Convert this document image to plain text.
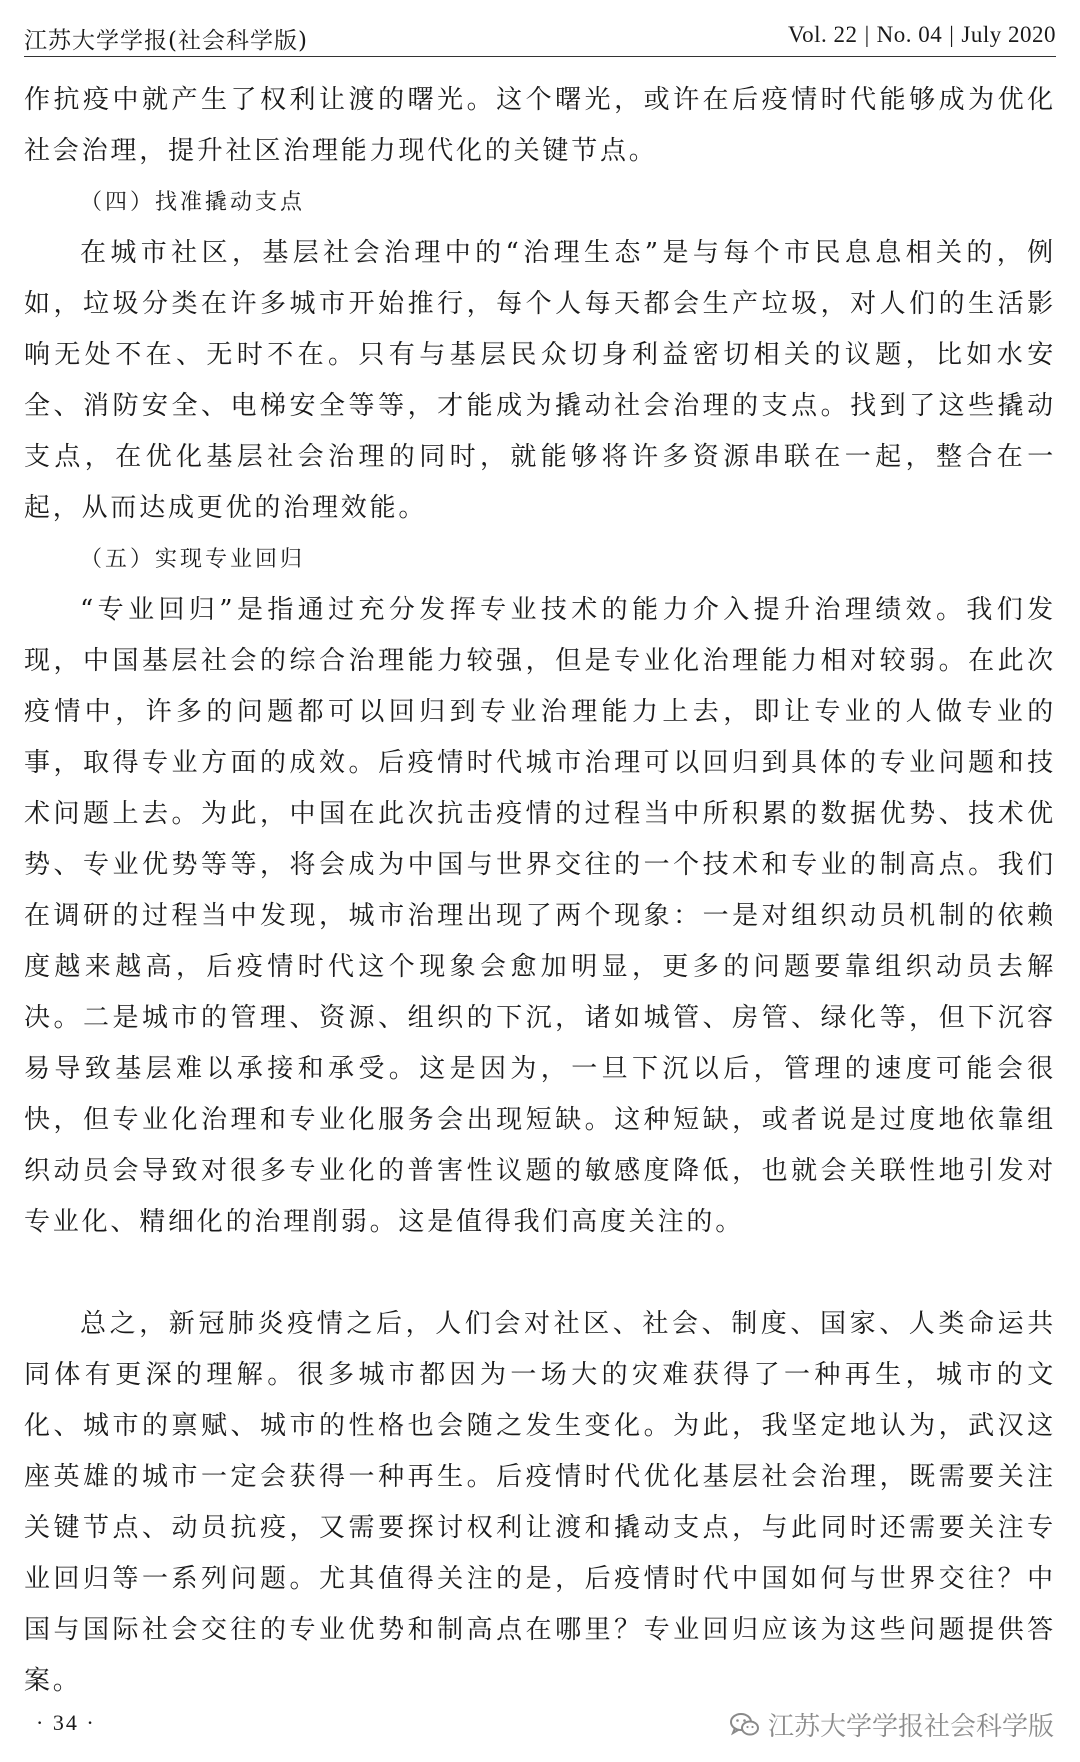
江苏大学学报(社会科学版)	Vol. 22 | No. 04 | July 2020

作抗疫中就产生了权利让渡的曙光。这个曙光，或许在后疫情时代能够成为优化社会治理，提升社区治理能力现代化的关键节点。

（四）找准撬动支点

在城市社区，基层社会治理中的“治理生态”是与每个市民息息相关的，例如，垃圾分类在许多城市开始推行，每个人每天都会生产垃圾，对人们的生活影响无处不在、无时不在。只有与基层民众切身利益密切相关的议题，比如水安全、消防安全、电梯安全等等，才能成为撬动社会治理的支点。找到了这些撬动支点，在优化基层社会治理的同时，就能够将许多资源串联在一起，整合在一起，从而达成更优的治理效能。

（五）实现专业回归

“专业回归”是指通过充分发挥专业技术的能力介入提升治理绩效。我们发现，中国基层社会的综合治理能力较强，但是专业化治理能力相对较弱。在此次疫情中，许多的问题都可以回归到专业治理能力上去，即让专业的人做专业的事，取得专业方面的成效。后疫情时代城市治理可以回归到具体的专业问题和技术问题上去。为此，中国在此次抗击疫情的过程当中所积累的数据优势、技术优势、专业优势等等，将会成为中国与世界交往的一个技术和专业的制高点。我们在调研的过程当中发现，城市治理出现了两个现象：一是对组织动员机制的依赖度越来越高，后疫情时代这个现象会愈加明显，更多的问题要靠组织动员去解决。二是城市的管理、资源、组织的下沉，诸如城管、房管、绿化等，但下沉容易导致基层难以承接和承受。这是因为，一旦下沉以后，管理的速度可能会很快，但专业化治理和专业化服务会出现短缺。这种短缺，或者说是过度地依靠组织动员会导致对很多专业化的普害性议题的敏感度降低，也就会关联性地引发对专业化、精细化的治理削弱。这是值得我们高度关注的。

总之，新冠肺炎疫情之后，人们会对社区、社会、制度、国家、人类命运共同体有更深的理解。很多城市都因为一场大的灾难获得了一种再生，城市的文化、城市的禀赋、城市的性格也会随之发生变化。为此，我坚定地认为，武汉这座英雄的城市一定会获得一种再生。后疫情时代优化基层社会治理，既需要关注关键节点、动员抗疫，又需要探讨权利让渡和撬动支点，与此同时还需要关注专业回归等一系列问题。尤其值得关注的是，后疫情时代中国如何与世界交往？中国与国际社会交往的专业优势和制高点在哪里？专业回归应该为这些问题提供答案。

· 34 ·	江苏大学学报社会科学版
